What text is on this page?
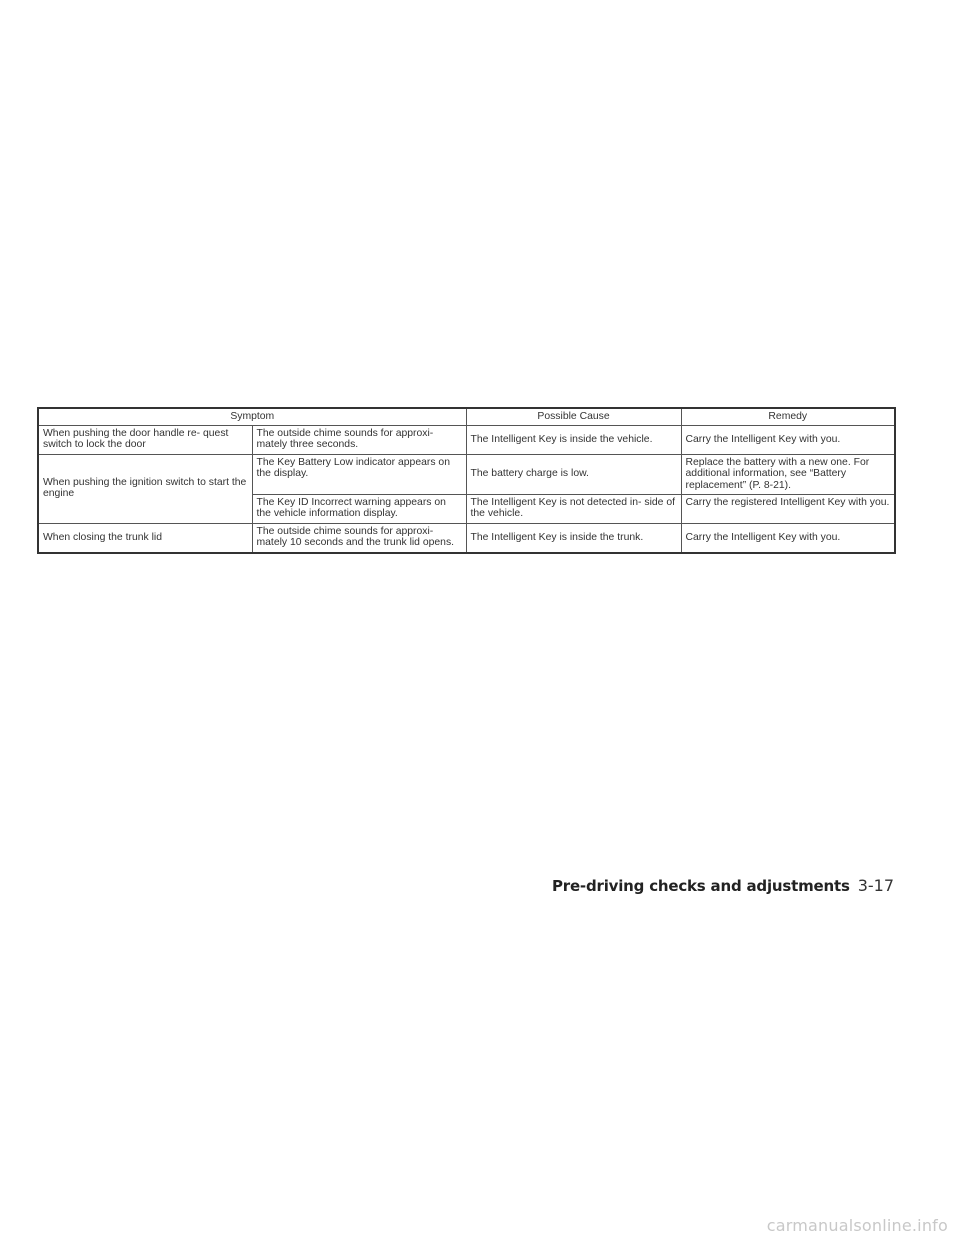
Symptom		Possible Cause	Remedy
When pushing the door handle re- quest switch to lock the door	The outside chime sounds for approxi- mately three seconds.	The Intelligent Key is inside the vehicle.	Carry the Intelligent Key with you.
When pushing the ignition switch to start the engine	The Key Battery Low indicator appears on the display.	The battery charge is low.	Replace the battery with a new one. For additional information, see “Battery replacement” (P. 8-21).
	The Key ID Incorrect warning appears on the vehicle information display.	The Intelligent Key is not detected in- side of the vehicle.	Carry the registered Intelligent Key with you.
When closing the trunk lid	The outside chime sounds for approxi- mately 10 seconds and the trunk lid opens.	The Intelligent Key is inside the trunk.	Carry the Intelligent Key with you.
Pre-driving checks and adjustments 3-17
carmanualsonline.info
